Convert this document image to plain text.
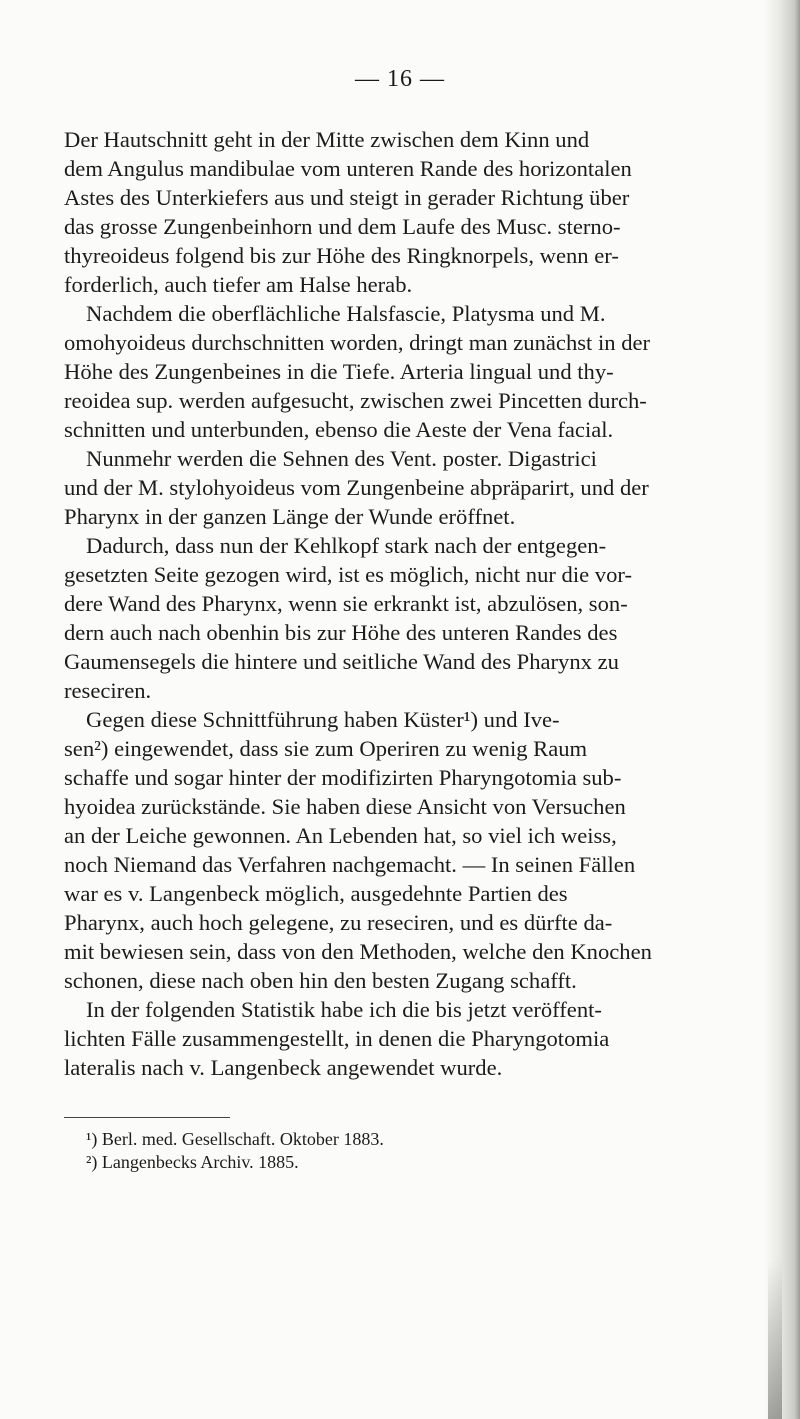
— 16 —
Der Hautschnitt geht in der Mitte zwischen dem Kinn und
dem Angulus mandibulae vom unteren Rande des horizontalen
Astes des Unterkiefers aus und steigt in gerader Richtung über
das grosse Zungenbeinhorn und dem Laufe des Musc. sterno-
thyreoideus folgend bis zur Höhe des Ringknorpels, wenn er-
forderlich, auch tiefer am Halse herab.
Nachdem die oberflächliche Halsfascie, Platysma und M.
omohyoideus durchschnitten worden, dringt man zunächst in der
Höhe des Zungenbeines in die Tiefe. Arteria lingual und thy-
reoidea sup. werden aufgesucht, zwischen zwei Pincetten durch-
schnitten und unterbunden, ebenso die Aeste der Vena facial.
Nunmehr werden die Sehnen des Vent. poster. Digastrici
und der M. stylohyoideus vom Zungenbeine abpräparirt, und der
Pharynx in der ganzen Länge der Wunde eröffnet.
Dadurch, dass nun der Kehlkopf stark nach der entgegen-
gesetzten Seite gezogen wird, ist es möglich, nicht nur die vor-
dere Wand des Pharynx, wenn sie erkrankt ist, abzulösen, son-
dern auch nach obenhin bis zur Höhe des unteren Randes des
Gaumensegels die hintere und seitliche Wand des Pharynx zu
reseciren.
Gegen diese Schnittführung haben Küster¹) und Ive-
sen²) eingewendet, dass sie zum Operiren zu wenig Raum
schaffe und sogar hinter der modifizirten Pharyngotomia sub-
hyoidea zurückstände. Sie haben diese Ansicht von Versuchen
an der Leiche gewonnen. An Lebenden hat, so viel ich weiss,
noch Niemand das Verfahren nachgemacht. — In seinen Fällen
war es v. Langenbeck möglich, ausgedehnte Partien des
Pharynx, auch hoch gelegene, zu reseciren, und es dürfte da-
mit bewiesen sein, dass von den Methoden, welche den Knochen
schonen, diese nach oben hin den besten Zugang schafft.
In der folgenden Statistik habe ich die bis jetzt veröffent-
lichten Fälle zusammengestellt, in denen die Pharyngotomia
lateralis nach v. Langenbeck angewendet wurde.
¹) Berl. med. Gesellschaft. Oktober 1883.
²) Langenbecks Archiv. 1885.
